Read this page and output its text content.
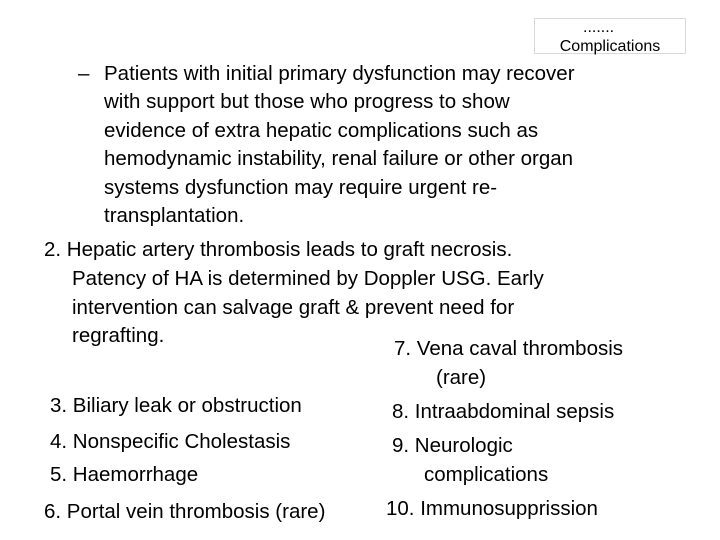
.......
Complications
– Patients with initial primary dysfunction may recover
with support but those who progress to show
evidence of extra hepatic complications such as
hemodynamic instability, renal failure or other organ
systems dysfunction may require urgent re-
transplantation.
2. Hepatic artery thrombosis leads to graft necrosis.
Patency of HA is determined by Doppler USG. Early
intervention can salvage graft & prevent need for
regrafting.
3. Biliary leak or obstruction
4. Nonspecific Cholestasis
5. Haemorrhage
6. Portal vein thrombosis (rare)
7. Vena caval thrombosis
(rare)
8. Intraabdominal sepsis
9. Neurologic
complications
10. Immunosupprission
